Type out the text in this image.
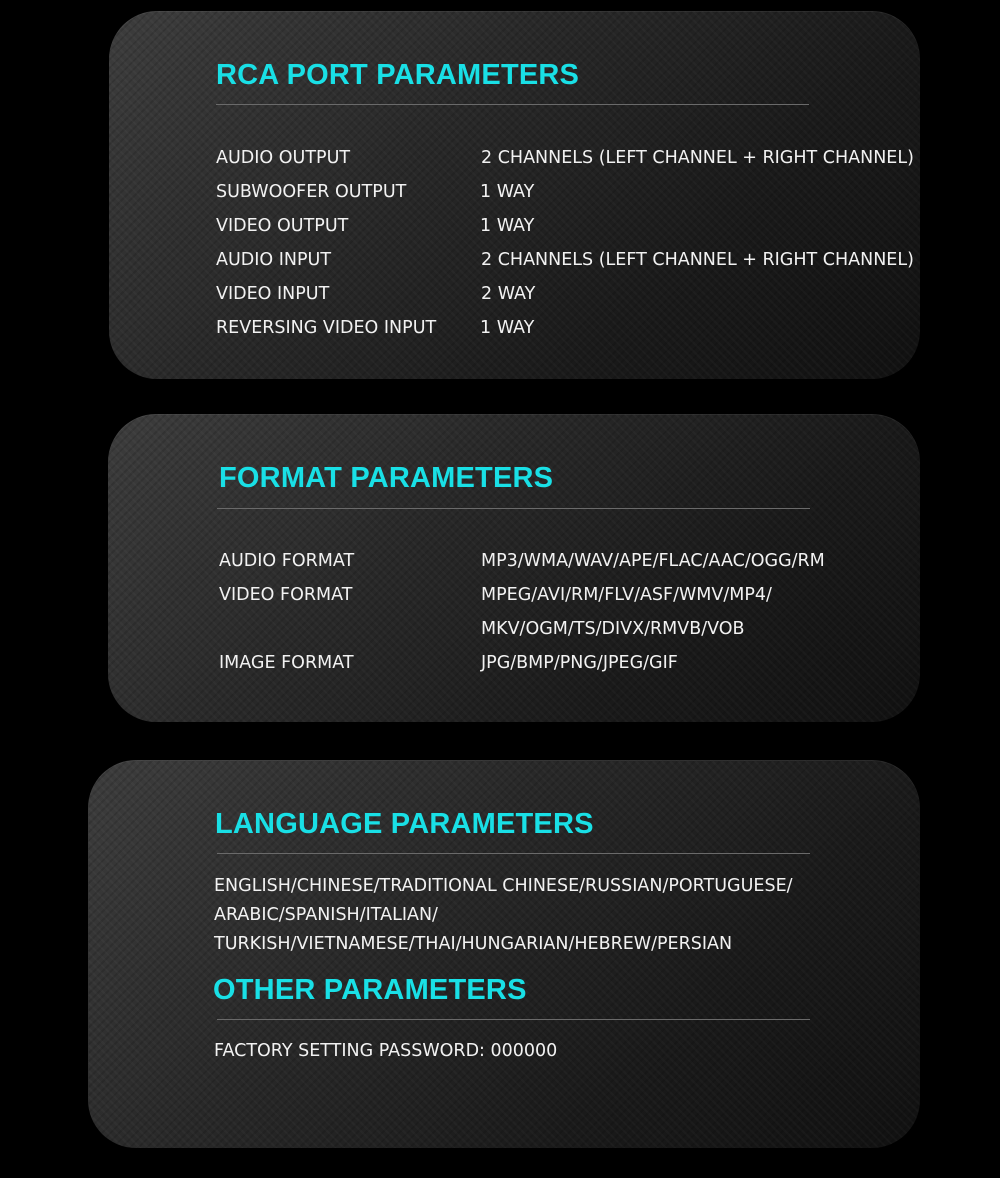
RCA PORT PARAMETERS

AUDIO OUTPUT	2 CHANNELS (LEFT CHANNEL + RIGHT CHANNEL)

SUBWOOFER OUTPUT	1 WAY

VIDEO OUTPUT	1 WAY

AUDIO INPUT	2 CHANNELS (LEFT CHANNEL + RIGHT CHANNEL)

VIDEO INPUT	2 WAY

REVERSING VIDEO INPUT	1 WAY

FORMAT PARAMETERS

AUDIO FORMAT	MP3/WMA/WAV/APE/FLAC/AAC/OGG/RM

VIDEO FORMAT	MPEG/AVI/RM/FLV/ASF/WMV/MP4/

MKV/OGM/TS/DIVX/RMVB/VOB

IMAGE FORMAT	JPG/BMP/PNG/JPEG/GIF

LANGUAGE PARAMETERS

ENGLISH/CHINESE/TRADITIONAL CHINESE/RUSSIAN/PORTUGUESE/

ARABIC/SPANISH/ITALIAN/

TURKISH/VIETNAMESE/THAI/HUNGARIAN/HEBREW/PERSIAN

OTHER PARAMETERS

FACTORY SETTING PASSWORD: 000000
